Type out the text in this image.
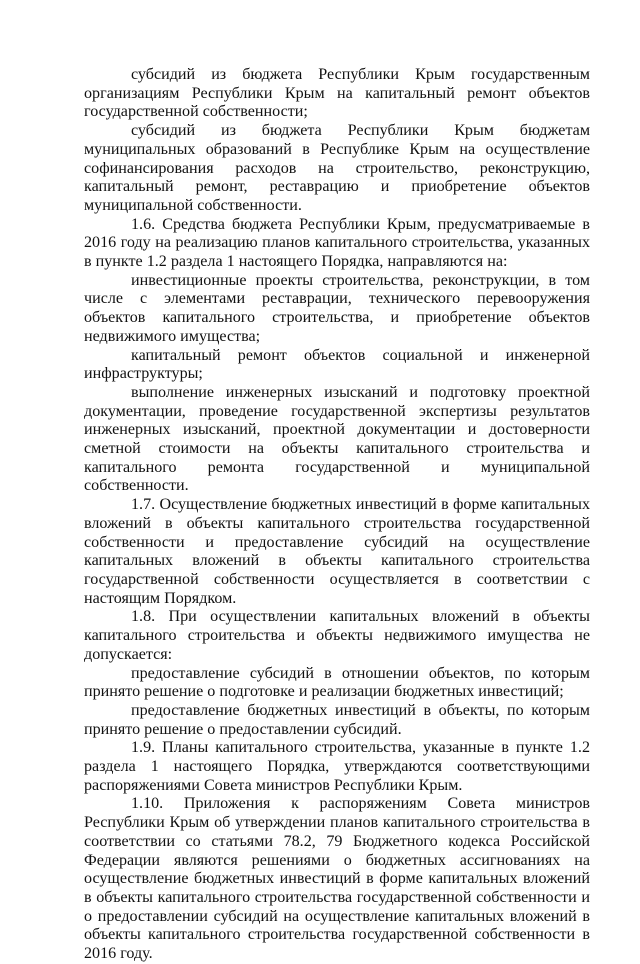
субсидий из бюджета Республики Крым государственным организациям Республики Крым на капитальный ремонт объектов государственной собственности;

субсидий из бюджета Республики Крым бюджетам муниципальных образований в Республике Крым на осуществление софинансирования расходов на строительство, реконструкцию, капитальный ремонт, реставрацию и приобретение объектов муниципальной собственности.

1.6. Средства бюджета Республики Крым, предусматриваемые в 2016 году на реализацию планов капитального строительства, указанных в пункте 1.2 раздела 1 настоящего Порядка, направляются на:

инвестиционные проекты строительства, реконструкции, в том числе с элементами реставрации, технического перевооружения объектов капитального строительства, и приобретение объектов недвижимого имущества;

капитальный ремонт объектов социальной и инженерной инфраструктуры;

выполнение инженерных изысканий и подготовку проектной документации, проведение государственной экспертизы результатов инженерных изысканий, проектной документации и достоверности сметной стоимости на объекты капитального строительства и капитального ремонта государственной и муниципальной собственности.

1.7. Осуществление бюджетных инвестиций в форме капитальных вложений в объекты капитального строительства государственной собственности и предоставление субсидий на осуществление капитальных вложений в объекты капитального строительства государственной собственности осуществляется в соответствии с настоящим Порядком.

1.8. При осуществлении капитальных вложений в объекты капитального строительства и объекты недвижимого имущества не допускается:

предоставление субсидий в отношении объектов, по которым принято решение о подготовке и реализации бюджетных инвестиций;

предоставление бюджетных инвестиций в объекты, по которым принято решение о предоставлении субсидий.

1.9. Планы капитального строительства, указанные в пункте 1.2 раздела 1 настоящего Порядка, утверждаются соответствующими распоряжениями Совета министров Республики Крым.

1.10. Приложения к распоряжениям Совета министров Республики Крым об утверждении планов капитального строительства в соответствии со статьями 78.2, 79 Бюджетного кодекса Российской Федерации являются решениями о бюджетных ассигнованиях на осуществление бюджетных инвестиций в форме капитальных вложений в объекты капитального строительства государственной собственности и о предоставлении субсидий на осуществление капитальных вложений в объекты капитального строительства государственной собственности в 2016 году.
